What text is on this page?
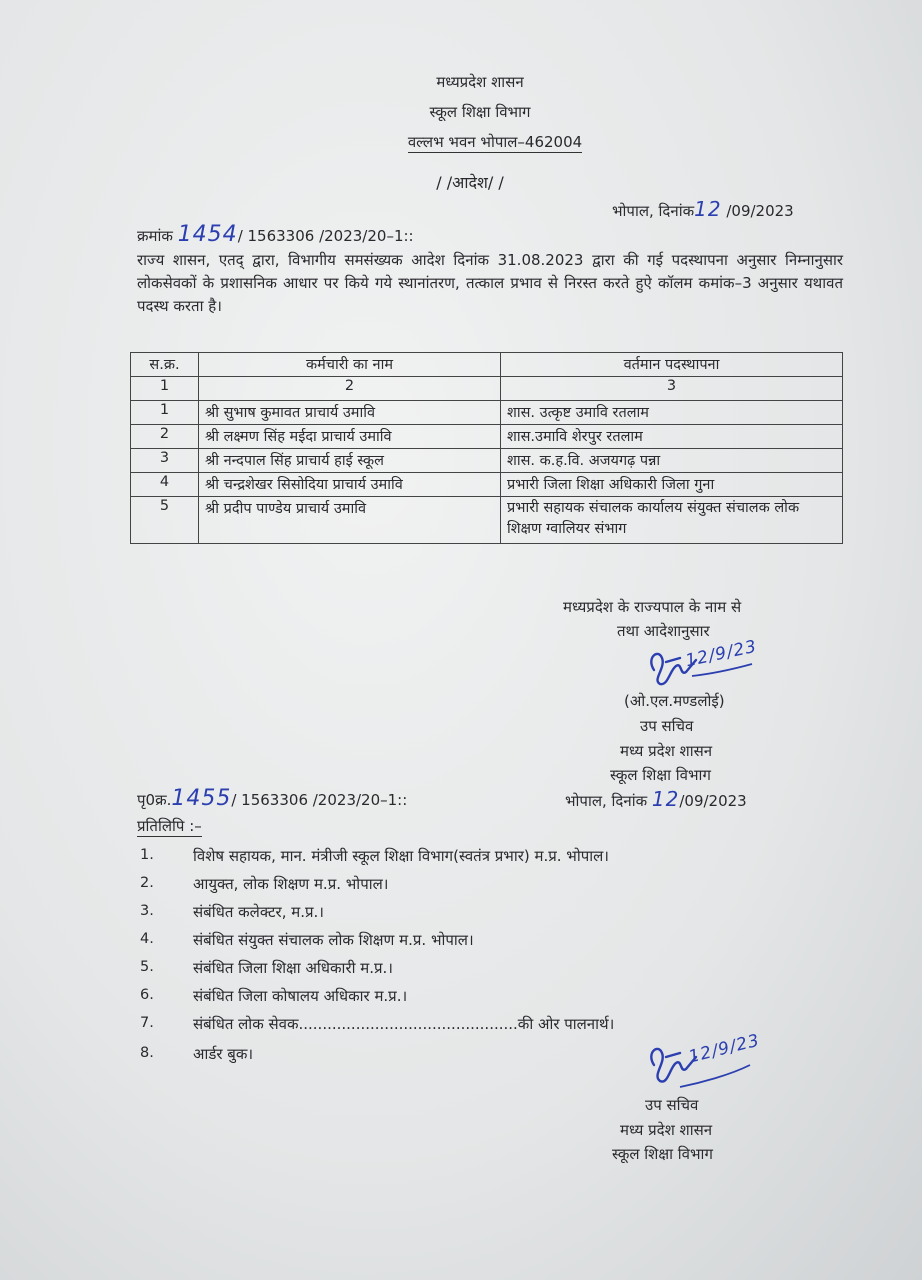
मध्यप्रदेश शासन
स्कूल शिक्षा विभाग
वल्लभ भवन भोपाल–462004
/ /आदेश/ /
भोपाल, दिनांक12 /09/2023
क्रमांक 1454/ 1563306 /2023/20–1::
राज्य शासन, एतद् द्वारा, विभागीय समसंख्यक आदेश दिनांक 31.08.2023 द्वारा की गई पदस्थापना अनुसार निम्नानुसार लोकसेवकों के प्रशासनिक आधार पर किये गये स्थानांतरण, तत्काल प्रभाव से निरस्त करते हुऐ कॉलम कमांक–3 अनुसार यथावत पदस्थ करता है।
स.क्र.	कर्मचारी का नाम	वर्तमान पदस्थापना
1	2	3
1	श्री सुभाष कुमावत प्राचार्य उमावि	शास. उत्कृष्ट उमावि रतलाम
2	श्री लक्ष्मण सिंह मईदा प्राचार्य उमावि	शास.उमावि शेरपुर रतलाम
3	श्री नन्दपाल सिंह प्राचार्य हाई स्कूल	शास. क.ह.वि. अजयगढ़ पन्ना
4	श्री चन्द्रशेखर सिसोदिया प्राचार्य उमावि	प्रभारी जिला शिक्षा अधिकारी जिला गुना
5	श्री प्रदीप पाण्डेय प्राचार्य उमावि	प्रभारी सहायक संचालक कार्यालय संयुक्त संचालक लोक शिक्षण ग्वालियर संभाग
मध्यप्रदेश के राज्यपाल के नाम से
तथा आदेशानुसार
12/9/23
(ओ.एल.मण्डलोई)
उप सचिव
मध्य प्रदेश शासन
स्कूल शिक्षा विभाग
पृ0क्र.1455/ 1563306 /2023/20–1::	भोपाल, दिनांक 12/09/2023
प्रतिलिपि :–
1.	विशेष सहायक, मान. मंत्रीजी स्कूल शिक्षा विभाग(स्वतंत्र प्रभार) म.प्र. भोपाल।
2.	आयुक्त, लोक शिक्षण म.प्र. भोपाल।
3.	संबंधित कलेक्टर, म.प्र.।
4.	संबंधित संयुक्त संचालक लोक शिक्षण म.प्र. भोपाल।
5.	संबंधित जिला शिक्षा अधिकारी म.प्र.।
6.	संबंधित जिला कोषालय अधिकार म.प्र.।
7.	संबंधित लोक सेवक..............................................की ओर पालनार्थ।
8.	आर्डर बुक।	12/9/23
उप सचिव
मध्य प्रदेश शासन
स्कूल शिक्षा विभाग
